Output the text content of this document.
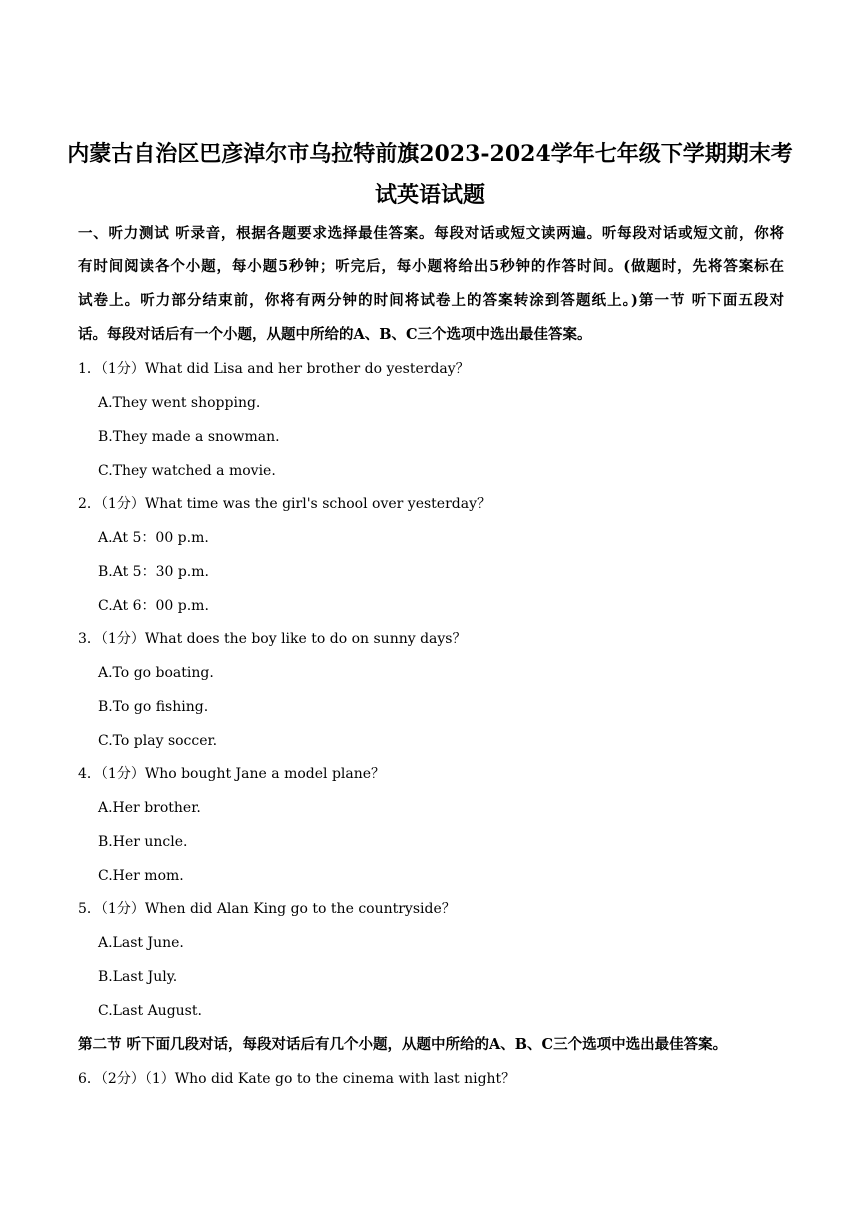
内蒙古自治区巴彦淖尔市乌拉特前旗2023-2024学年七年级下学期期末考
试英语试题
一、听力测试 听录音，根据各题要求选择最佳答案。每段对话或短文读两遍。听每段对话或短文前，你将
有时间阅读各个小题，每小题5秒钟；听完后，每小题将给出5秒钟的作答时间。(做题时，先将答案标在
试卷上。听力部分结束前，你将有两分钟的时间将试卷上的答案转涂到答题纸上。)第一节 听下面五段对
话。每段对话后有一个小题，从题中所给的A、B、C三个选项中选出最佳答案。
1．（1分）What did Lisa and her brother do yesterday？
A.They went shopping.
B.They made a snowman.
C.They watched a movie.
2．（1分）What time was the girl's school over yesterday？
A.At 5：00 p.m.
B.At 5：30 p.m.
C.At 6：00 p.m.
3．（1分）What does the boy like to do on sunny days？
A.To go boating.
B.To go fishing.
C.To play soccer.
4．（1分）Who bought Jane a model plane？
A.Her brother.
B.Her uncle.
C.Her mom.
5．（1分）When did Alan King go to the countryside？
A.Last June.
B.Last July.
C.Last August.
第二节 听下面几段对话，每段对话后有几个小题，从题中所给的A、B、C三个选项中选出最佳答案。
6．（2分）（1）Who did Kate go to the cinema with last night？
